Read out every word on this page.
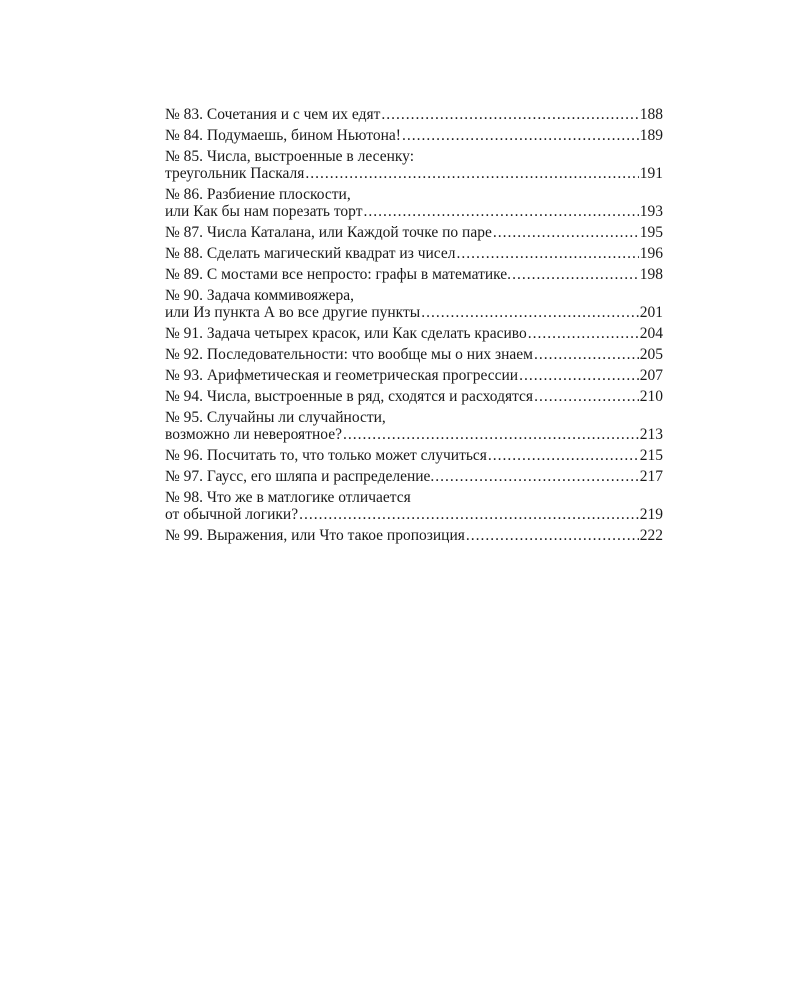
№ 83. Сочетания и с чем их едят .....	188
№ 84. Подумаешь, бином Ньютона! .....	189
№ 85. Числа, выстроенные в лесенку:
треугольник Паскаля .....	191
№ 86. Разбиение плоскости,
или Как бы нам порезать торт .....	193
№ 87. Числа Каталана, или Каждой точке по паре .....	195
№ 88. Сделать магический квадрат из чисел .....	196
№ 89. С мостами все непросто: графы в математике. .....	198
№ 90. Задача коммивояжера,
или Из пункта А во все другие пункты .....	201
№ 91. Задача четырех красок, или Как сделать красиво .....	204
№ 92. Последовательности: что вообще мы о них знаем .....	205
№ 93. Арифметическая и геометрическая прогрессии .....	207
№ 94. Числа, выстроенные в ряд, сходятся и расходятся .....	210
№ 95. Случайны ли случайности,
возможно ли невероятное? .....	213
№ 96. Посчитать то, что только может случиться .....	215
№ 97. Гаусс, его шляпа и распределение. .....	217
№ 98. Что же в матлогике отличается
от обычной логики? .....	219
№ 99. Выражения, или Что такое пропозиция .....	222
